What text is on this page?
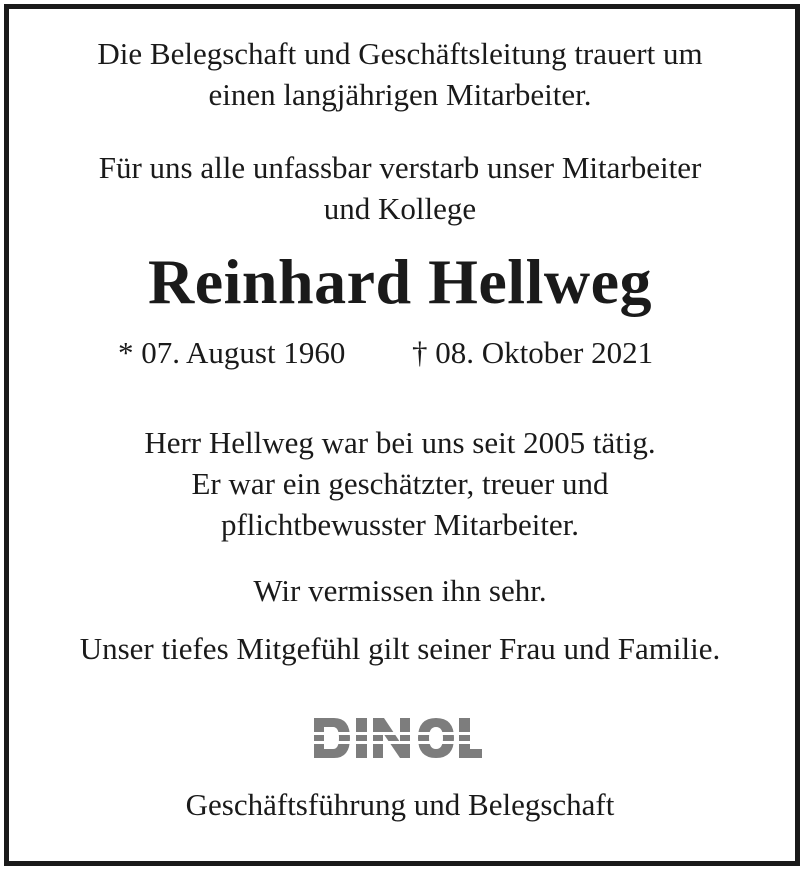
Die Belegschaft und Geschäftsleitung trauert um
einen langjährigen Mitarbeiter.
Für uns alle unfassbar verstarb unser Mitarbeiter
und Kollege
Reinhard Hellweg
* 07. August 1960 † 08. Oktober 2021
Herr Hellweg war bei uns seit 2005 tätig.
Er war ein geschätzter, treuer und
pflichtbewusster Mitarbeiter.
Wir vermissen ihn sehr.
Unser tiefes Mitgefühl gilt seiner Frau und Familie.
Geschäftsführung und Belegschaft
